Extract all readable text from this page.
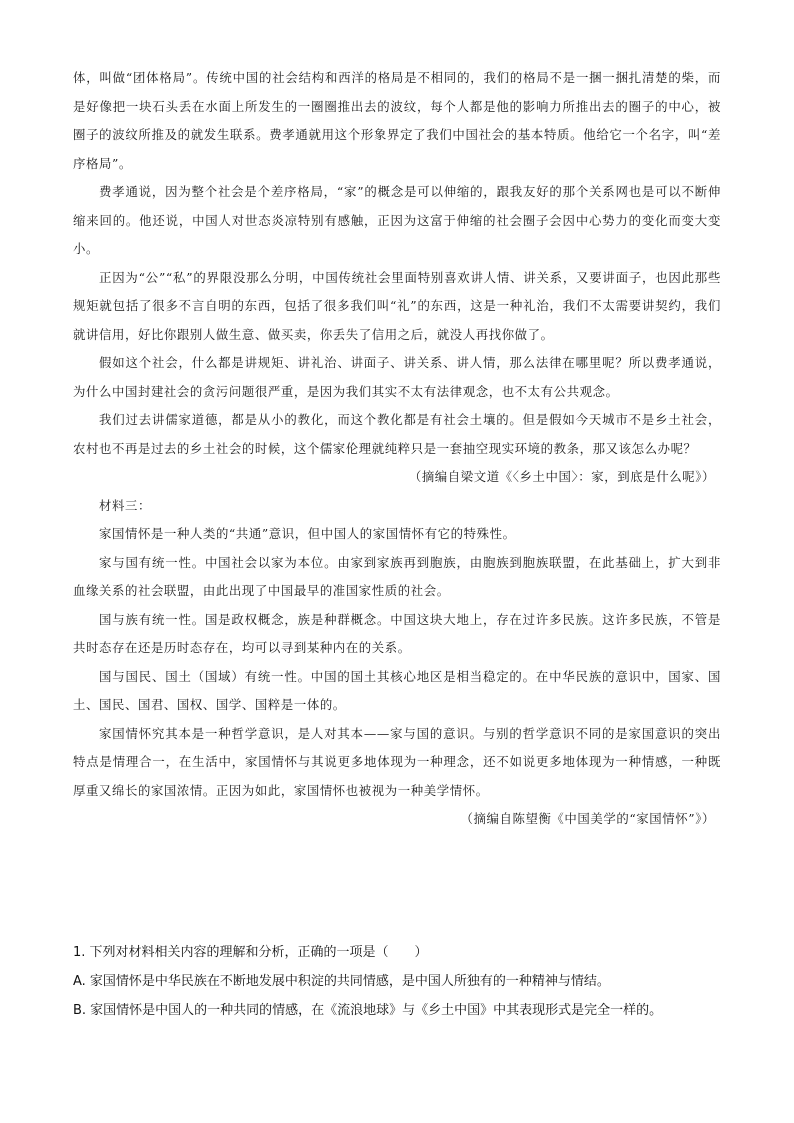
体，叫做“团体格局”。传统中国的社会结构和西洋的格局是不相同的，我们的格局不是一捆一捆扎清楚的柴，而是好像把一块石头丢在水面上所发生的一圈圈推出去的波纹，每个人都是他的影响力所推出去的圈子的中心，被圈子的波纹所推及的就发生联系。费孝通就用这个形象界定了我们中国社会的基本特质。他给它一个名字，叫“差序格局”。

费孝通说，因为整个社会是个差序格局，“家”的概念是可以伸缩的，跟我友好的那个关系网也是可以不断伸缩来回的。他还说，中国人对世态炎凉特别有感触，正因为这富于伸缩的社会圈子会因中心势力的变化而变大变小。

正因为“公”“私”的界限没那么分明，中国传统社会里面特别喜欢讲人情、讲关系，又要讲面子，也因此那些规矩就包括了很多不言自明的东西，包括了很多我们叫“礼”的东西，这是一种礼治，我们不太需要讲契约，我们就讲信用，好比你跟别人做生意、做买卖，你丢失了信用之后，就没人再找你做了。

假如这个社会，什么都是讲规矩、讲礼治、讲面子、讲关系、讲人情，那么法律在哪里呢？所以费孝通说，为什么中国封建社会的贪污问题很严重，是因为我们其实不太有法律观念，也不太有公共观念。

我们过去讲儒家道德，都是从小的教化，而这个教化都是有社会土壤的。但是假如今天城市不是乡土社会，农村也不再是过去的乡土社会的时候，这个儒家伦理就纯粹只是一套抽空现实环境的教条，那又该怎么办呢？

（摘编自梁文道《〈乡土中国〉：家，到底是什么呢》）

材料三：

家国情怀是一种人类的“共通”意识，但中国人的家国情怀有它的特殊性。

家与国有统一性。中国社会以家为本位。由家到家族再到胞族，由胞族到胞族联盟，在此基础上，扩大到非血缘关系的社会联盟，由此出现了中国最早的准国家性质的社会。

国与族有统一性。国是政权概念，族是种群概念。中国这块大地上，存在过许多民族。这许多民族，不管是共时态存在还是历时态存在，均可以寻到某种内在的关系。

国与国民、国土（国域）有统一性。中国的国土其核心地区是相当稳定的。在中华民族的意识中，国家、国土、国民、国君、国权、国学、国粹是一体的。

家国情怀究其本是一种哲学意识，是人对其本——家与国的意识。与别的哲学意识不同的是家国意识的突出特点是情理合一，在生活中，家国情怀与其说更多地体现为一种理念，还不如说更多地体现为一种情感，一种既厚重又绵长的家国浓情。正因为如此，家国情怀也被视为一种美学情怀。

（摘编自陈望衡《中国美学的“家国情怀”》）

1. 下列对材料相关内容的理解和分析，正确的一项是（　　）

A. 家国情怀是中华民族在不断地发展中积淀的共同情感，是中国人所独有的一种精神与情结。

B. 家国情怀是中国人的一种共同的情感，在《流浪地球》与《乡土中国》中其表现形式是完全一样的。
